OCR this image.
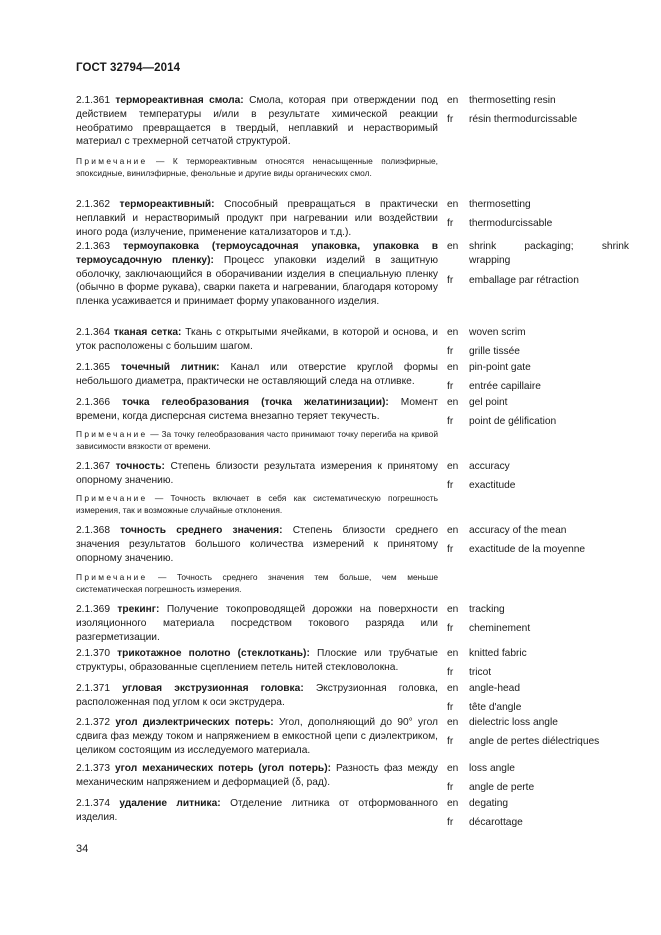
ГОСТ 32794—2014
2.1.361 термореактивная смола: Смола, которая при отверждении под действием температуры и/или в результате химической реакции необратимо превращается в твердый, неплавкий и нерастворимый материал с трехмерной сетчатой структурой.
Примечание — К термореактивным относятся ненасыщенные полиэфирные, эпоксидные, винилэфирные, фенольные и другие виды органических смол.
en	thermosetting resin
fr	résin thermodurcissable
2.1.362 термореактивный: Способный превращаться в практически неплавкий и нерастворимый продукт при нагревании или воздействии иного рода (излучение, применение катализаторов и т.д.).
en	thermosetting
fr	thermodurcissable
2.1.363 термоупаковка (термоусадочная упаковка, упаковка в термоусадочную пленку): Процесс упаковки изделий в защитную оболочку, заключающийся в оборачивании изделия в специальную пленку (обычно в форме рукава), сварки пакета и нагревании, благодаря которому пленка усаживается и принимает форму упакованного изделия.
en	shrink packaging; shrink wrapping
fr	emballage par rétraction
2.1.364 тканая сетка: Ткань с открытыми ячейками, в которой и основа, и уток расположены с большим шагом.
en	woven scrim
fr	grille tissée
2.1.365 точечный литник: Канал или отверстие круглой формы небольшого диаметра, практически не оставляющий следа на отливке.
en	pin-point gate
fr	entrée capillaire
2.1.366 точка гелеобразования (точка желатинизации): Момент времени, когда дисперсная система внезапно теряет текучесть.
Примечание — За точку гелеобразования часто принимают точку перегиба на кривой зависимости вязкости от времени.
en	gel point
fr	point de gélification
2.1.367 точность: Степень близости результата измерения к принятому опорному значению.
Примечание — Точность включает в себя как систематическую погрешность измерения, так и возможные случайные отклонения.
en	accuracy
fr	exactitude
2.1.368 точность среднего значения: Степень близости среднего значения результатов большого количества измерений к принятому опорному значению.
Примечание — Точность среднего значения тем больше, чем меньше систематическая погрешность измерения.
en	accuracy of the mean
fr	exactitude de la moyenne
2.1.369 трекинг: Получение токопроводящей дорожки на поверхности изоляционного материала посредством токового разряда или разгерметизации.
en	tracking
fr	cheminement
2.1.370 трикотажное полотно (стеклоткань): Плоские или трубчатые структуры, образованные сцеплением петель нитей стекловолокна.
en	knitted fabric
fr	tricot
2.1.371 угловая экструзионная головка: Экструзионная головка, расположенная под углом к оси экструдера.
en	angle-head
fr	tête d'angle
2.1.372 угол диэлектрических потерь: Угол, дополняющий до 90° угол сдвига фаз между током и напряжением в емкостной цепи с диэлектриком, целиком состоящим из исследуемого материала.
en	dielectric loss angle
fr	angle de pertes diélectriques
2.1.373 угол механических потерь (угол потерь): Разность фаз между механическим напряжением и деформацией (δ, рад).
en	loss angle
fr	angle de perte
2.1.374 удаление литника: Отделение литника от отформованного изделия.
en	degating
fr	décarottage
34
